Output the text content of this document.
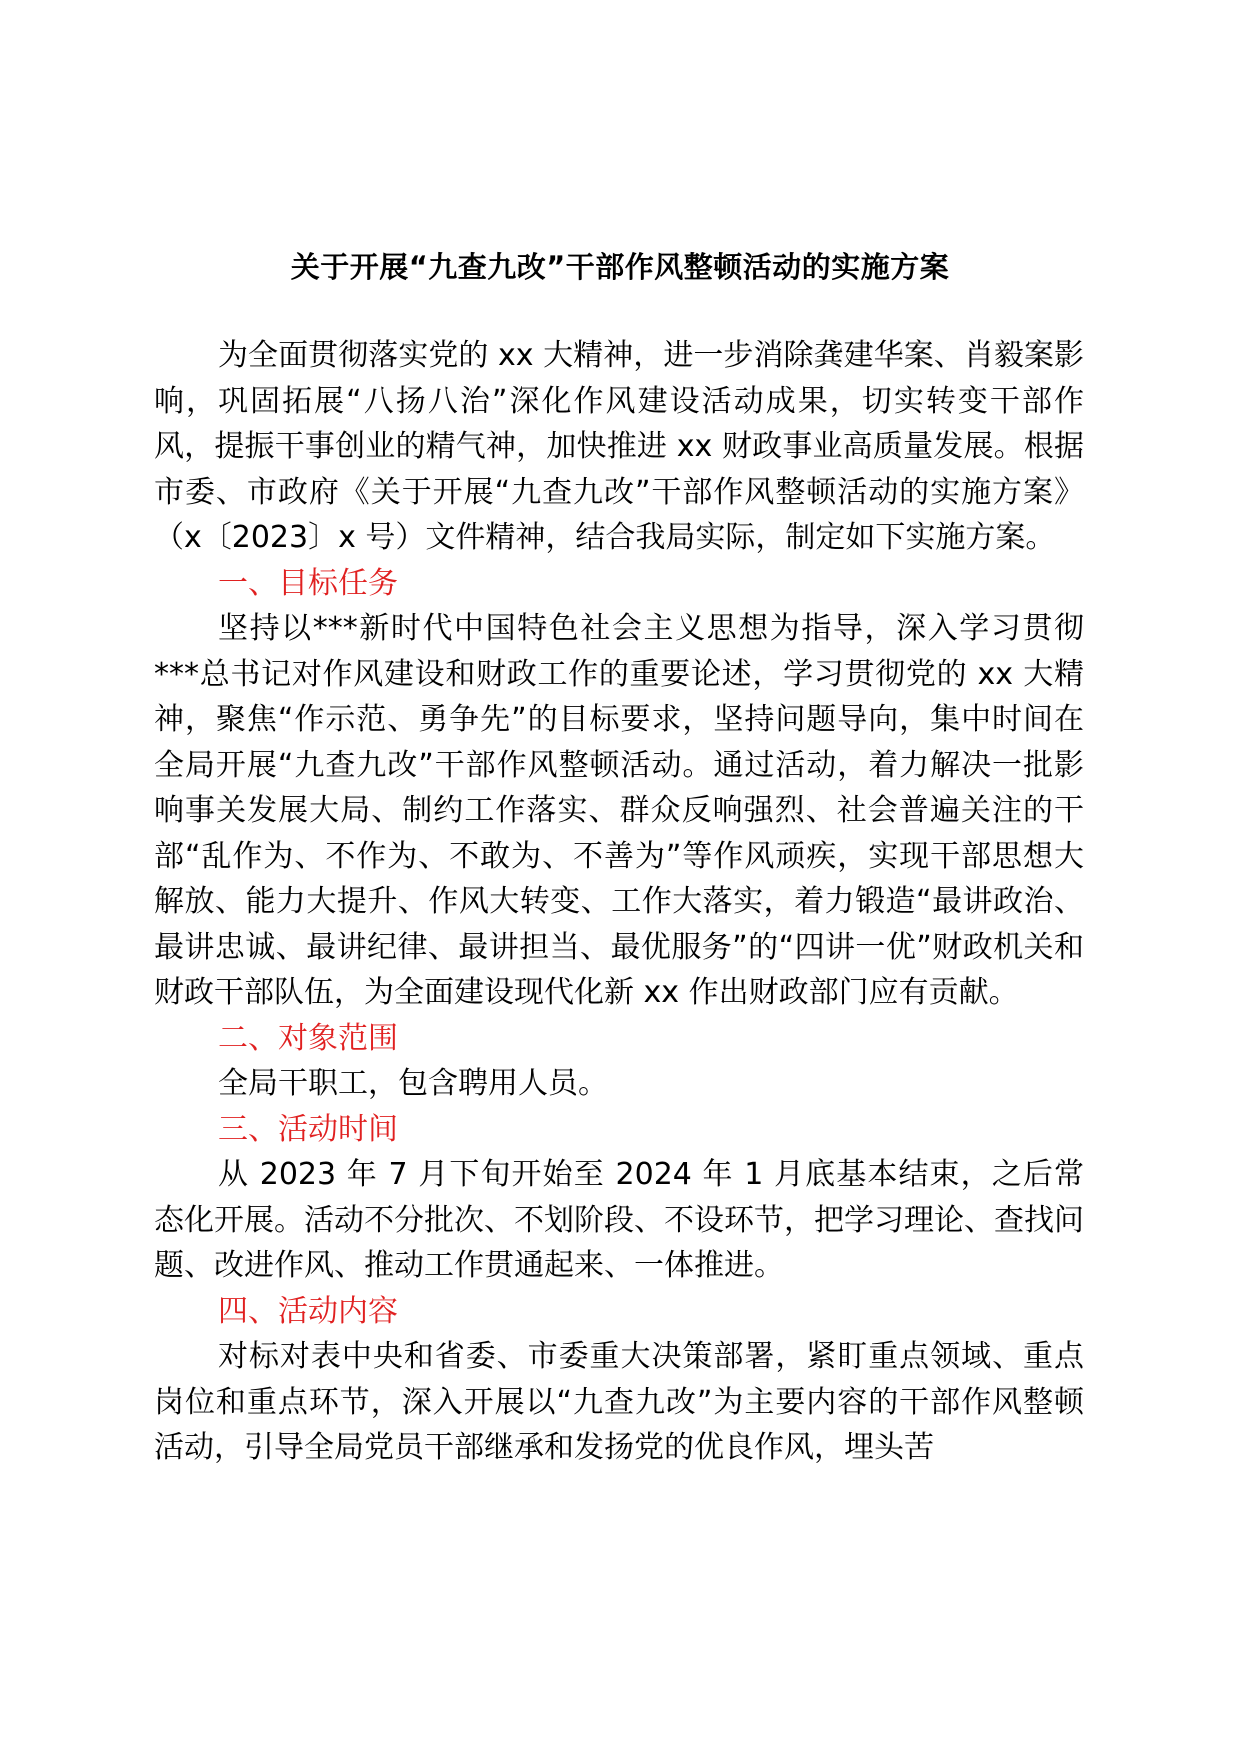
关于开展“九查九改”干部作风整顿活动的实施方案

为全面贯彻落实党的 xx 大精神，进一步消除龚建华案、肖毅案影响，巩固拓展“八扬八治”深化作风建设活动成果，切实转变干部作风，提振干事创业的精气神，加快推进 xx 财政事业高质量发展。根据市委、市政府《关于开展“九查九改”干部作风整顿活动的实施方案》（x〔2023〕x 号）文件精神，结合我局实际，制定如下实施方案。

一、目标任务

坚持以***新时代中国特色社会主义思想为指导，深入学习贯彻***总书记对作风建设和财政工作的重要论述，学习贯彻党的 xx 大精神，聚焦“作示范、勇争先”的目标要求，坚持问题导向，集中时间在全局开展“九查九改”干部作风整顿活动。通过活动，着力解决一批影响事关发展大局、制约工作落实、群众反响强烈、社会普遍关注的干部“乱作为、不作为、不敢为、不善为”等作风顽疾，实现干部思想大解放、能力大提升、作风大转变、工作大落实，着力锻造“最讲政治、最讲忠诚、最讲纪律、最讲担当、最优服务”的“四讲一优”财政机关和财政干部队伍，为全面建设现代化新 xx 作出财政部门应有贡献。

二、对象范围

全局干职工，包含聘用人员。

三、活动时间

从 2023 年 7 月下旬开始至 2024 年 1 月底基本结束，之后常态化开展。活动不分批次、不划阶段、不设环节，把学习理论、查找问题、改进作风、推动工作贯通起来、一体推进。

四、活动内容

对标对表中央和省委、市委重大决策部署，紧盯重点领域、重点岗位和重点环节，深入开展以“九查九改”为主要内容的干部作风整顿活动，引导全局党员干部继承和发扬党的优良作风，埋头苦
